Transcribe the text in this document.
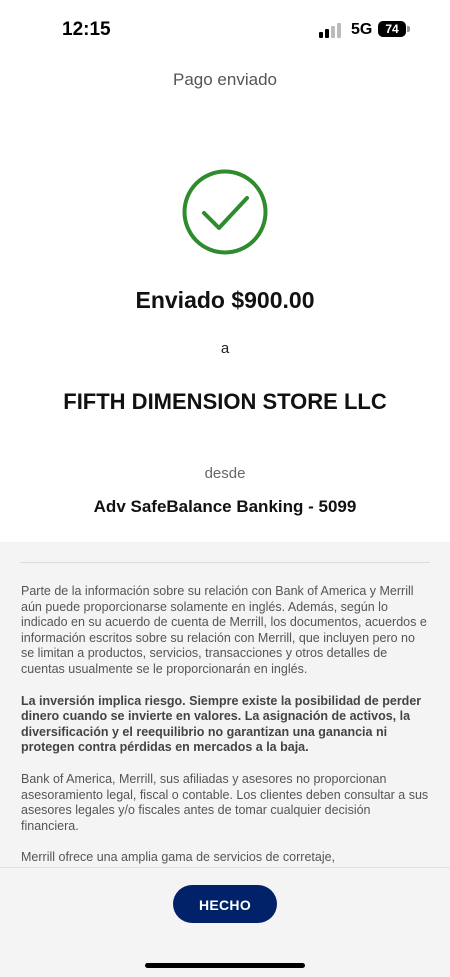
12:15	5G	74
Pago enviado
Enviado $900.00
a
FIFTH DIMENSION STORE LLC
desde
Adv SafeBalance Banking - 5099

Parte de la información sobre su relación con Bank of America y Merrill aún puede proporcionarse solamente en inglés. Además, según lo indicado en su acuerdo de cuenta de Merrill, los documentos, acuerdos e información escritos sobre su relación con Merrill, que incluyen pero no se limitan a productos, servicios, transacciones y otros detalles de cuentas usualmente se le proporcionarán en inglés.

La inversión implica riesgo. Siempre existe la posibilidad de perder dinero cuando se invierte en valores. La asignación de activos, la diversificación y el reequilibrio no garantizan una ganancia ni protegen contra pérdidas en mercados a la baja.

Bank of America, Merrill, sus afiliadas y asesores no proporcionan asesoramiento legal, fiscal o contable. Los clientes deben consultar a sus asesores legales y/o fiscales antes de tomar cualquier decisión financiera.

Merrill ofrece una amplia gama de servicios de corretaje,

HECHO
